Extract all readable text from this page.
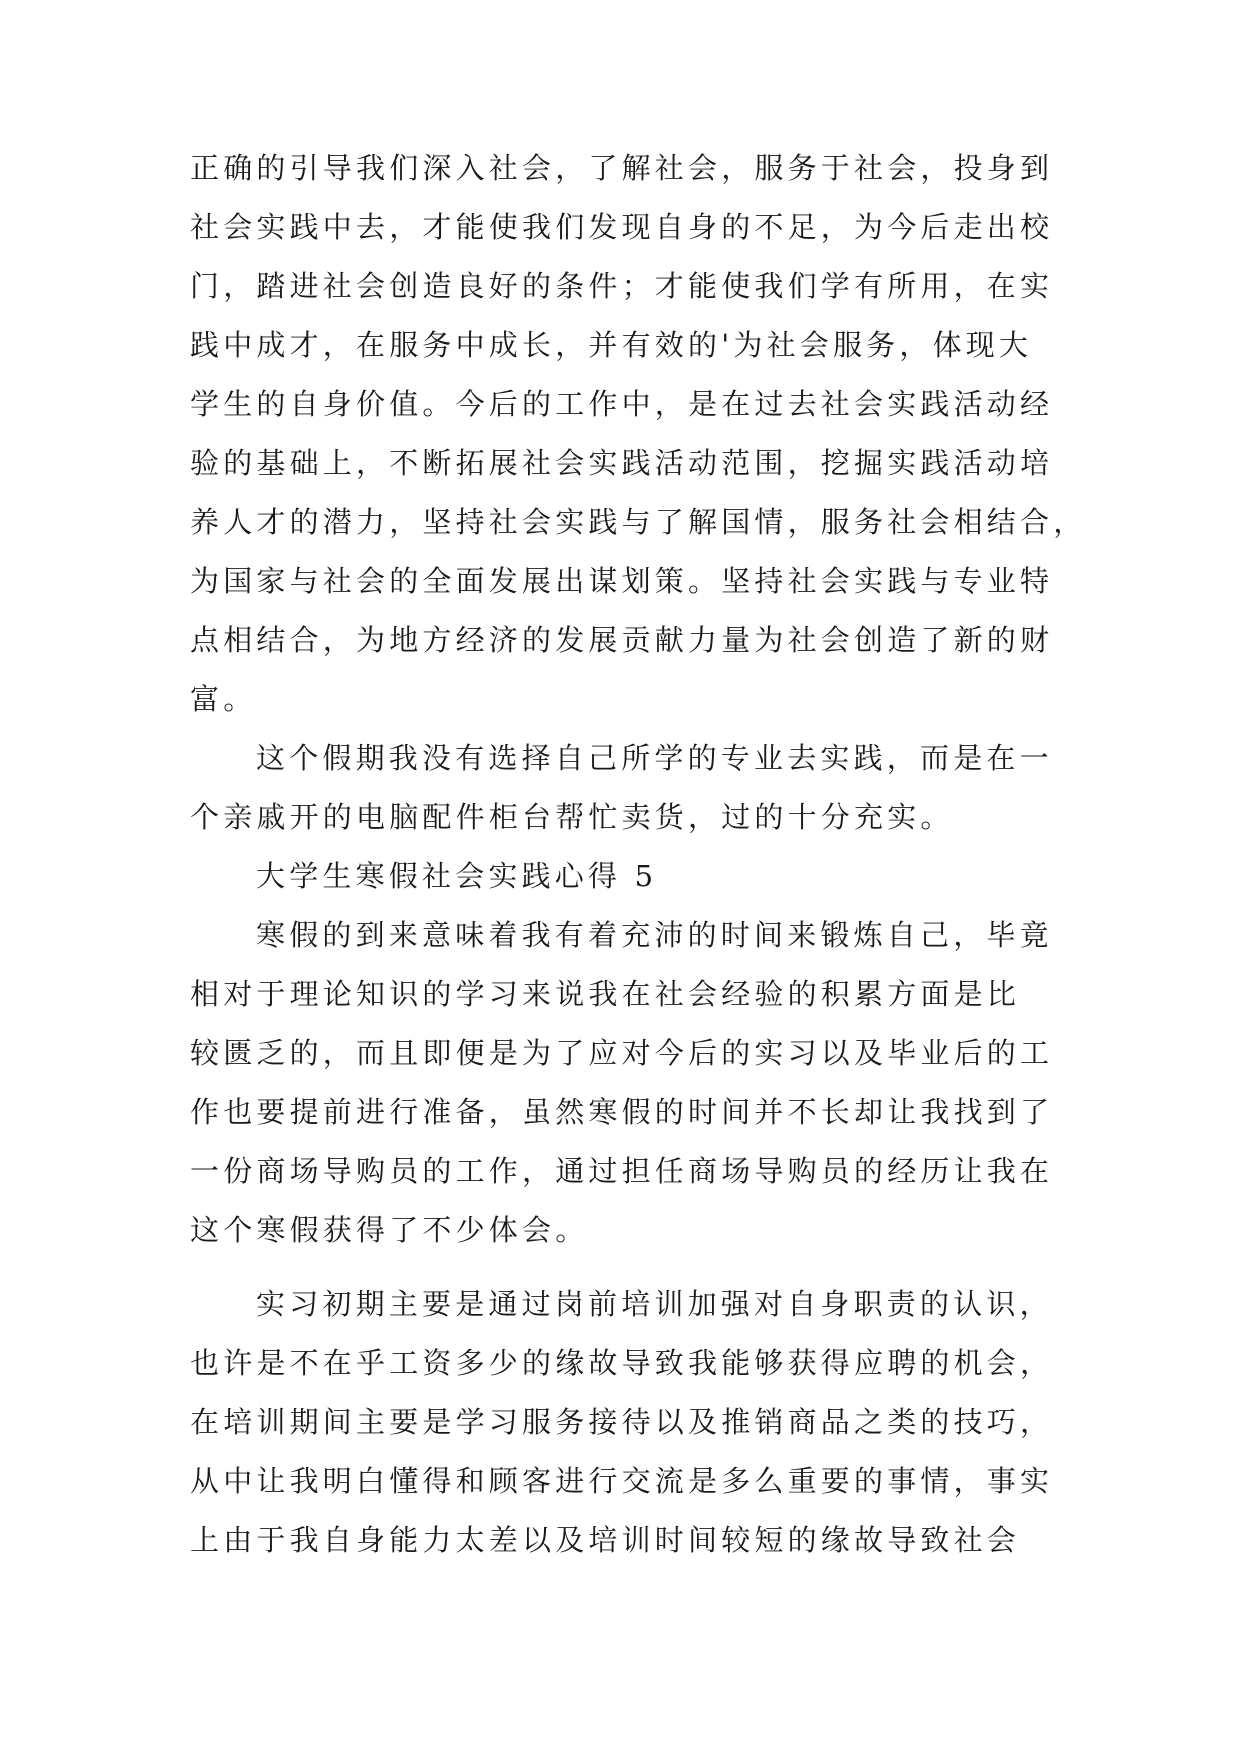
正确的引导我们深入社会，了解社会，服务于社会，投身到
社会实践中去，才能使我们发现自身的不足，为今后走出校
门，踏进社会创造良好的条件；才能使我们学有所用，在实
践中成才，在服务中成长，并有效的'为社会服务，体现大
学生的自身价值。今后的工作中，是在过去社会实践活动经
验的基础上，不断拓展社会实践活动范围，挖掘实践活动培
养人才的潜力，坚持社会实践与了解国情，服务社会相结合，
为国家与社会的全面发展出谋划策。坚持社会实践与专业特
点相结合，为地方经济的发展贡献力量为社会创造了新的财
富。
这个假期我没有选择自己所学的专业去实践，而是在一
个亲戚开的电脑配件柜台帮忙卖货，过的十分充实。
大学生寒假社会实践心得 5
寒假的到来意味着我有着充沛的时间来锻炼自己，毕竟
相对于理论知识的学习来说我在社会经验的积累方面是比
较匮乏的，而且即便是为了应对今后的实习以及毕业后的工
作也要提前进行准备，虽然寒假的时间并不长却让我找到了
一份商场导购员的工作，通过担任商场导购员的经历让我在
这个寒假获得了不少体会。
实习初期主要是通过岗前培训加强对自身职责的认识，
也许是不在乎工资多少的缘故导致我能够获得应聘的机会，
在培训期间主要是学习服务接待以及推销商品之类的技巧，
从中让我明白懂得和顾客进行交流是多么重要的事情，事实
上由于我自身能力太差以及培训时间较短的缘故导致社会
